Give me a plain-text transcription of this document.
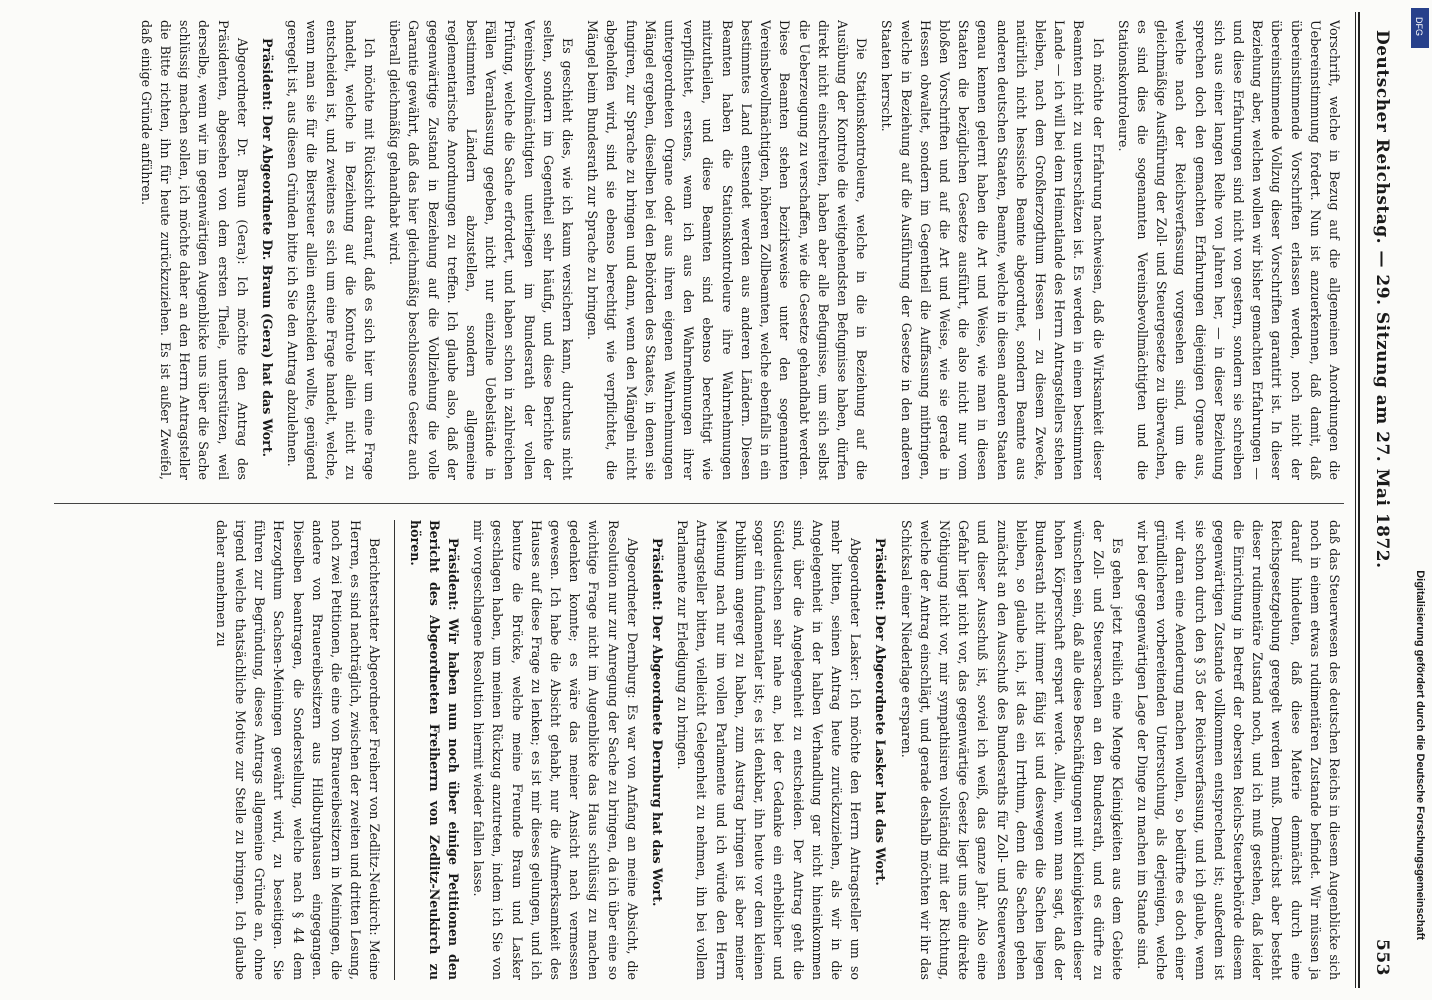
Deutscher Reichstag. — 29. Sitzung am 27. Mai 1872.
553

Vorschrift, welche in Bezug auf die allgemeinen Anordnungen die Uebereinstimmung fordert. Nun ist anzuerkennen, daß damit, daß übereinstimmende Vorschriften erlassen werden, noch nicht der übereinstimmende Vollzug dieser Vorschriften garantirt ist. In dieser Beziehung aber, welchen wollen wir bisher gemachten Erfahrungen — und diese Erfahrungen sind nicht von gestern, sondern sie schreiben sich aus einer langen Reihe von Jahren her, — in dieser Beziehung sprechen doch den gemachten Erfahrungen diejenigen Organe aus, welche nach der Reichsverfassung vorgesehen sind, um die gleichmäßige Ausführung der Zoll- und Steuergesetze zu überwachen, es sind dies die sogenannten Vereinsbevollmächtigten und die Stationskontroleure.

Ich möchte der Erfahrung nachweisen, daß die Wirksamkeit dieser Beamten nicht zu unterschätzen ist. Es werden in einem bestimmten Lande — ich will bei dem Heimatlande des Herrn Antragstellers stehen bleiben, nach dem Großherzogthum Hessen — zu diesem Zwecke, natürlich nicht hessische Beamte abgeordnet, sondern Beamte aus anderen deutschen Staaten, Beamte, welche in diesen anderen Staaten genau kennen gelernt haben die Art und Weise, wie man in diesen Staaten die bezüglichen Gesetze ausführt, die also nicht nur vom bloßen Vorschriften und auf die Art und Weise, wie sie gerade in Hessen obwaltet, sondern im Gegentheil die Auffassung mitbringen, welche in Beziehung auf die Ausführung der Gesetze in den anderen Staaten herrscht.

Die Stationskontroleure, welche in die in Beziehung auf die Ausübung der Kontrole die weitgehendsten Befugnisse haben, dürfen direkt nicht einschreiten, haben aber alle Befugnisse, um sich selbst die Ueberzeugung zu verschaffen, wie die Gesetze gehandhabt werden. Diese Beamten stehen bezirksweise unter den sogenannten Vereinsbevollmächtigten, höheren Zollbeamten, welche ebenfalls in ein bestimmtes Land entsendet werden aus anderen Ländern. Diesen Beamten haben die Stationskontroleure ihre Wahrnehmungen mitzutheilen, und diese Beamten sind ebenso berechtigt wie verpflichtet, erstens, wenn ich aus den Wahrnehmungen ihrer untergeordneten Organe oder aus ihren eigenen Wahrnehmungen Mängel ergeben, dieselben bei den Behörden des Staates, in denen sie fungiren, zur Sprache zu bringen und dann, wenn den Mängeln nicht abgeholfen wird, sind sie ebenso berechtigt wie verpflichtet, die Mängel beim Bundesrath zur Sprache zu bringen.

Es geschieht dies, wie ich kaum versichern kann, durchaus nicht selten, sondern im Gegentheil sehr häufig, und diese Berichte der Vereinsbevollmächtigten unterliegen im Bundesrath der vollen Prüfung, welche die Sache erfordert, und haben schon in zahlreichen Fällen Veranlassung gegeben, nicht nur einzelne Uebelstände in bestimmten Ländern abzustellen, sondern allgemeine reglementarische Anordnungen zu treffen. Ich glaube also, daß der gegenwärtige Zustand in Beziehung auf die Vollziehung die volle Garantie gewährt, daß das hier gleichmäßig beschlossene Gesetz auch überall gleichmäßig gehandhabt wird.

Ich möchte mit Rücksicht darauf, daß es sich hier um eine Frage handelt, welche in Beziehung auf die Kontrole allein nicht zu entscheiden ist, und zweitens es sich um eine Frage handelt, welche, wenn man sie für die Biersteuer allein entscheiden wollte, genügend geregelt ist, aus diesen Gründen bitte ich Sie den Antrag abzulehnen.

Präsident: Der Abgeordnete Dr. Braun (Gera) hat das Wort.

Abgeordneter Dr. Braun (Gera): Ich möchte den Antrag des Präsidenten, abgesehen von dem ersten Theile, unterstützen, weil derselbe, wenn wir im gegenwärtigen Augenblicke uns über die Sache schlüssig machen sollen, ich möchte daher an den Herrn Antragsteller die Bitte richten, ihn für heute zurückzuziehen. Es ist außer Zweifel, daß einige Gründe anführen.

daß das Steuerwesen des deutschen Reichs in diesem Augenblicke sich noch in einem etwas rudimentären Zustande befindet. Wir müssen ja darauf hindeuten, daß diese Materie demnächst durch eine Reichsgesetzgebung geregelt werden muß. Demnächst aber besteht dieser rudimentäre Zustand noch, und ich muß gestehen, daß leider die Einrichtung in Betreff der obersten Reichs-Steuerbehörde diesem gegenwärtigen Zustande vollkommen entsprechend ist; außerdem ist sie schon durch den § 35 der Reichsverfassung, und ich glaube, wenn wir daran eine Aenderung machen wollen, so bedürfte es doch einer gründlicheren vorbereitenden Untersuchung, als derjenigen, welche wir bei der gegenwärtigen Lage der Dinge zu machen im Stande sind.

Es gehen jetzt freilich eine Menge Kleinigkeiten aus dem Gebiete der Zoll- und Steuersachen an den Bundesrath, und es dürfte zu wünschen sein, daß alle diese Beschäftigungen mit Kleinigkeiten dieser hohen Körperschaft erspart werde. Allein, wenn man sagt, daß der Bundesrath nicht immer fähig ist und deswegen die Sachen liegen bleiben, so glaube ich, ist das ein Irrthum, denn die Sachen gehen zunächst an den Ausschuß des Bundesraths für Zoll- und Steuerwesen und dieser Ausschuß ist, soviel ich weiß, das ganze Jahr. Also eine Gefahr liegt nicht vor, das gegenwärtige Gesetz liegt uns eine direkte Nöthigung nicht vor, mir sympathisiren vollständig mit der Richtung, welche der Antrag einschlägt, und gerade deshalb möchten wir ihr das Schicksal einer Niederlage ersparen.

Präsident: Der Abgeordnete Lasker hat das Wort.

Abgeordneter Lasker: Ich möchte den Herrn Antragsteller um so mehr bitten, seinen Antrag heute zurückzuziehen, als wir in die Angelegenheit in der halben Verhandlung gar nicht hineinkommen sind, über die Angelegenheit zu entscheiden. Der Antrag geht die Süddeutschen sehr nahe an, bei der Gedanke ein erheblicher und sogar ein fundamentaler ist; es ist denkbar, ihn heute vor dem kleinen Publikum angeregt zu haben, zum Austrag bringen ist aber meiner Meinung nach nur im vollen Parlamente und ich würde den Herrn Antragsteller bitten, vielleicht Gelegenheit zu nehmen, ihn bei vollem Parlamente zur Erledigung zu bringen.

Präsident: Der Abgeordnete Dernburg hat das Wort.

Abgeordneter Dernburg: Es war von Anfang an meine Absicht, die Resolution nur zur Anregung der Sache zu bringen, da ich über eine so wichtige Frage nicht im Augenblicke das Haus schlüssig zu machen gedenken konnte; es wäre das meiner Ansicht nach vermessen gewesen. Ich habe die Absicht gehabt, nur die Aufmerksamkeit des Hauses auf diese Frage zu lenken; es ist mir dieses gelungen, und ich benutze die Brücke, welche meine Freunde Braun und Lasker geschlagen haben, um meinen Rückzug anzutreten, indem ich Sie von mir vorgeschlagene Resolution hiermit wieder fallen lasse.

Präsident: Wir haben nun noch über einige Petitionen den Bericht des Abgeordneten Freiherrn von Zedlitz-Neukirch zu hören.

Berichterstatter Abgeordneter Freiherr von Zedlitz-Neukirch: Meine Herren, es sind nachträglich, zwischen der zweiten und dritten Lesung, noch zwei Petitionen, die eine von Brauereibesitzern in Meiningen, die andere von Brauereibesitzern aus Hildburghausen eingegangen. Dieselben beantragen, die Sonderstellung, welche nach § 44 dem Herzogthum Sachsen-Meiningen gewährt wird, zu beseitigen. Sie führen zur Begründung, dieses Antrags allgemeine Gründe an, ohne irgend welche thatsächliche Motive zur Stelle zu bringen. Ich glaube daher annehmen zu	Digitalisierung gefördert durch die Deutsche Forschungsgemeinschaft
DFG
